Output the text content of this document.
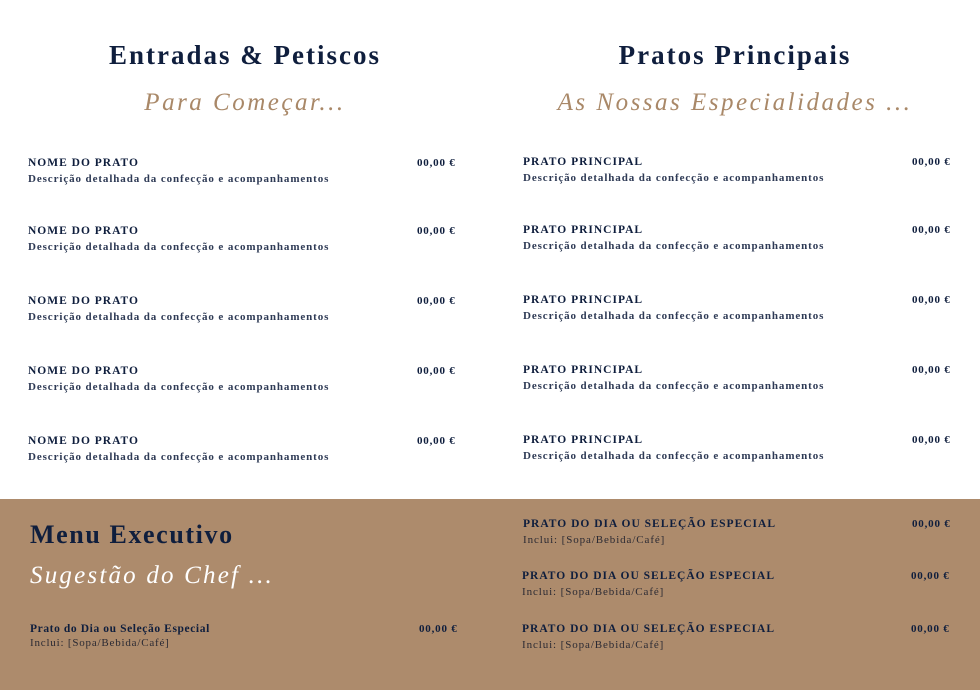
Entradas & Petiscos
Para Começar...
Pratos Principais
As Nossas Especialidades ...
NOME DO PRATO
Descrição detalhada da confecção e acompanhamentos
00,00 €
NOME DO PRATO
Descrição detalhada da confecção e acompanhamentos
00,00 €
NOME DO PRATO
Descrição detalhada da confecção e acompanhamentos
00,00 €
NOME DO PRATO
Descrição detalhada da confecção e acompanhamentos
00,00 €
NOME DO PRATO
Descrição detalhada da confecção e acompanhamentos
00,00 €
PRATO PRINCIPAL
Descrição detalhada da confecção e acompanhamentos
00,00 €
PRATO PRINCIPAL
Descrição detalhada da confecção e acompanhamentos
00,00 €
PRATO PRINCIPAL
Descrição detalhada da confecção e acompanhamentos
00,00 €
PRATO PRINCIPAL
Descrição detalhada da confecção e acompanhamentos
00,00 €
PRATO PRINCIPAL
Descrição detalhada da confecção e acompanhamentos
00,00 €
Menu Executivo
Sugestão do Chef ...
Prato do Dia ou Seleção Especial
Inclui: [Sopa/Bebida/Café]
00,00 €
PRATO DO DIA OU SELEÇÃO ESPECIAL
Inclui: [Sopa/Bebida/Café]
00,00 €
PRATO DO DIA OU SELEÇÃO ESPECIAL
Inclui: [Sopa/Bebida/Café]
00,00 €
PRATO DO DIA OU SELEÇÃO ESPECIAL
Inclui: [Sopa/Bebida/Café]
00,00 €
